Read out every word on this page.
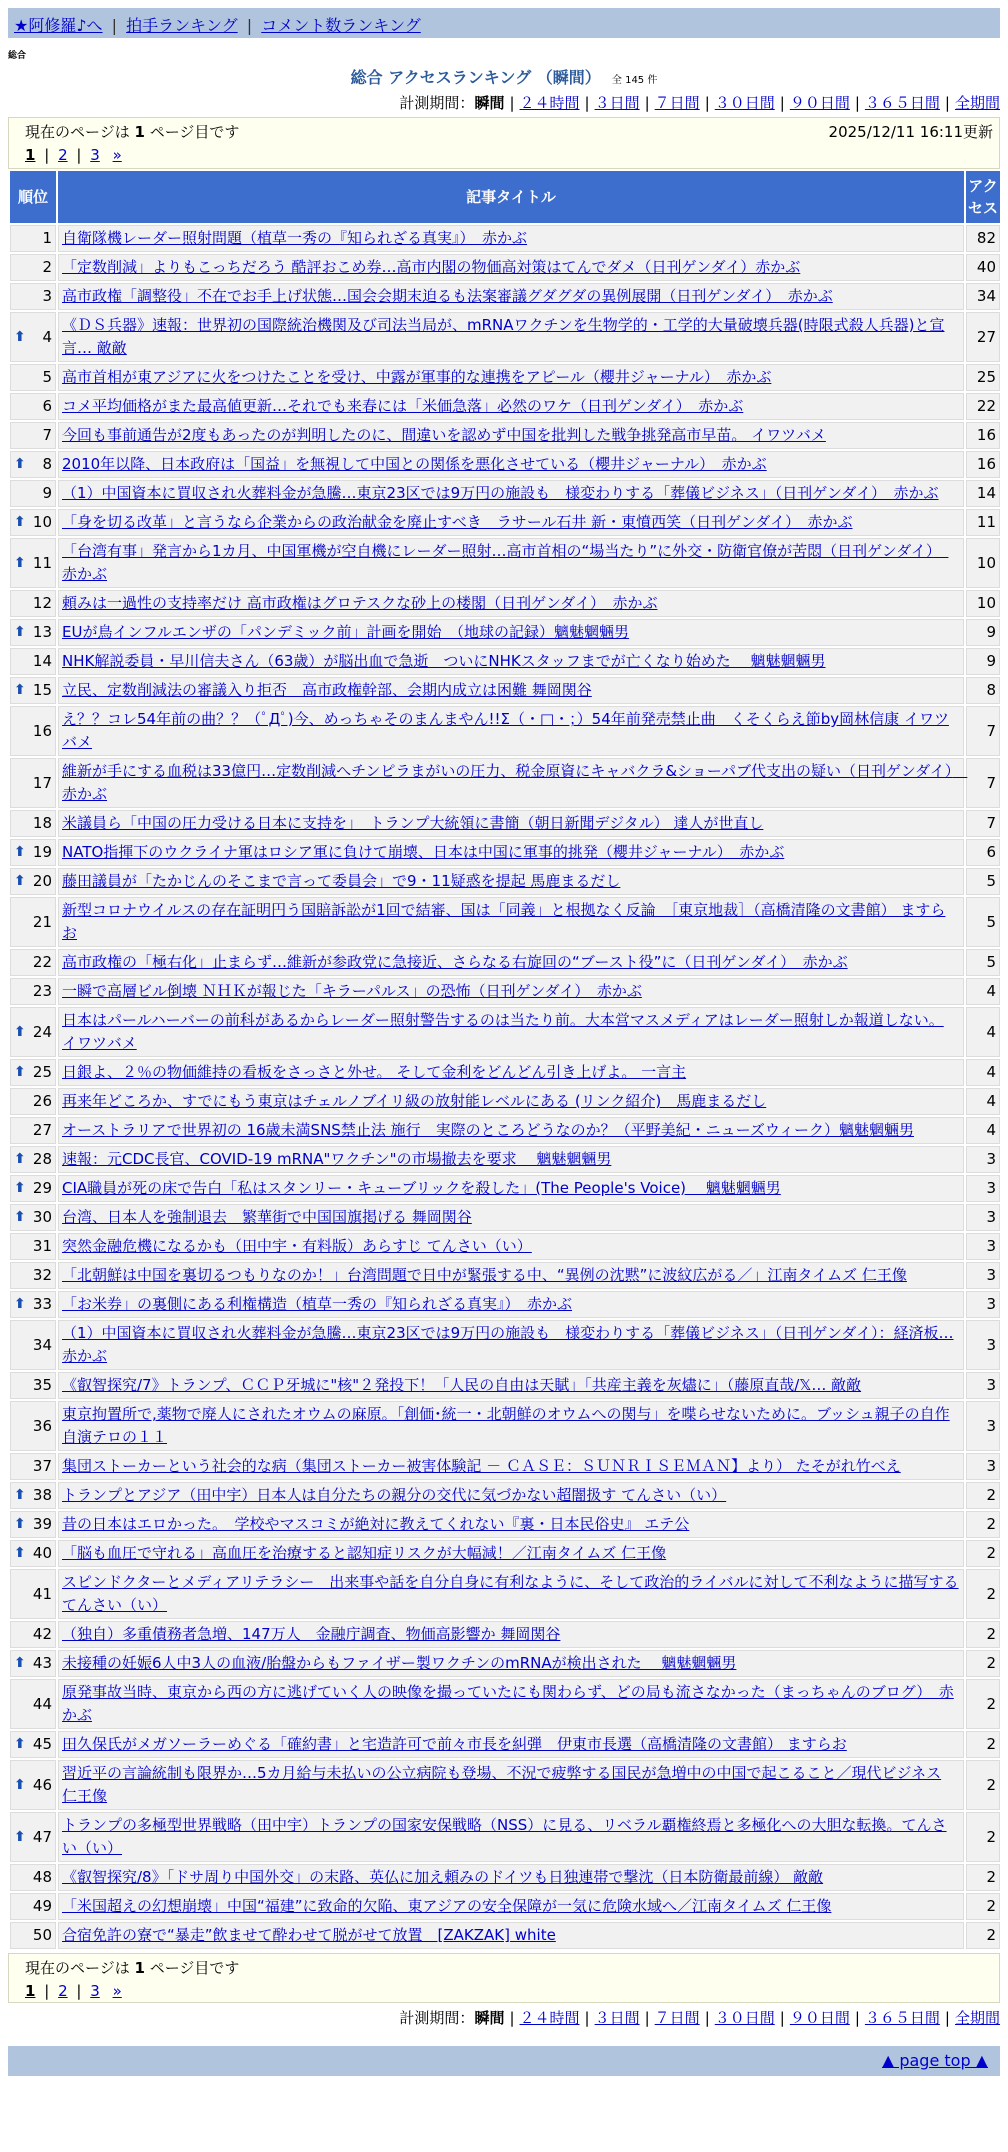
★阿修羅♪へ | 拍手ランキング | コメント数ランキング
総合
総合 アクセスランキング （瞬間） 全 145 件
計測期間：瞬間 | ２４時間 | ３日間 | ７日間 | ３０日間 | ９０日間 | ３６５日間 | 全期間
現在のページは 1 ページ目です	2025/12/11 16:11更新
1 | 2 | 3 »
順位	記事タイトル	アクセス
1	自衛隊機レーダー照射問題（植草一秀の『知られざる真実』）　赤かぶ	82
2	「定数削減」よりもこっちだろう 酷評おこめ券…高市内閣の物価高対策はてんでダメ（日刊ゲンダイ）赤かぶ	40
3	高市政権「調整役」不在でお手上げ状態…国会会期末迫るも法案審議グダグダの異例展開（日刊ゲンダイ）　赤かぶ	34

⬆ 4	《ＤＳ兵器》速報：世界初の国際統治機関及び司法当局が、mRNAワクチンを生物学的・工学的大量破壊兵器(時限式殺人兵器)と宣言… 敵敵	27
5	高市首相が東アジアに火をつけたことを受け、中露が軍事的な連携をアピール（櫻井ジャーナル）　赤かぶ	25
6	コメ平均価格がまた最高値更新…それでも来春には「米価急落」必然のワケ（日刊ゲンダイ）　赤かぶ	22
7	今回も事前通告が2度もあったのが判明したのに、間違いを認めず中国を批判した戦争挑発高市早苗。 イワツバメ	16

⬆ 8	2010年以降、日本政府は「国益」を無視して中国との関係を悪化させている（櫻井ジャーナル）　赤かぶ	16
9	（1）中国資本に買収され火葬料金が急騰…東京23区では9万円の施設も　様変わりする「葬儀ビジネス」（日刊ゲンダイ）　赤かぶ	14

⬆ 10	「身を切る改革」と言うなら企業からの政治献金を廃止すべき　ラサール石井 新・東憤西笑（日刊ゲンダイ）　赤かぶ	11

⬆ 11	「台湾有事」発言から1カ月、中国軍機が空自機にレーダー照射…高市首相の“場当たり”に外交・防衛官僚が苦悶（日刊ゲンダイ）　赤かぶ	10
12	頼みは一過性の支持率だけ 高市政権はグロテスクな砂上の楼閣（日刊ゲンダイ）　赤かぶ	10

⬆ 13	EUが鳥インフルエンザの「パンデミック前」計画を開始　（地球の記録）魑魅魍魎男	9
14	NHK解説委員・早川信夫さん（63歳）が脳出血で急逝　ついにNHKスタッフまでが亡くなり始めた　 魑魅魍魎男	9

⬆ 15	立民、定数削減法の審議入り拒否　高市政権幹部、会期内成立は困難 舞岡関谷	8
16	え？？コレ54年前の曲？？（ﾟДﾟ)今、めっちゃそのまんまやん!!Σ（・□・；）54年前発売禁止曲　くそくらえ節by岡林信康 イワツバメ	7
17	維新が手にする血税は33億円…定数削減へチンピラまがいの圧力、税金原資にキャバクラ&ショーパブ代支出の疑い（日刊ゲンダイ）　赤かぶ	7
18	米議員ら「中国の圧力受ける日本に支持を」　トランプ大統領に書簡（朝日新聞デジタル） 達人が世直し	7

⬆ 19	NATO指揮下のウクライナ軍はロシア軍に負けて崩壊、日本は中国に軍事的挑発（櫻井ジャーナル）　赤かぶ	6

⬆ 20	藤田議員が「たかじんのそこまで言って委員会」で9・11疑惑を提起 馬鹿まるだし	5
21	新型コロナウイルスの存在証明円う国賠訴訟が1回で結審、国は「同義」と根拠なく反論　［東京地裁］（高橋清隆の文書館） ますらお	5
22	高市政権の「極右化」止まらず…維新が参政党に急接近、さらなる右旋回の“ブースト役”に（日刊ゲンダイ）　赤かぶ	5
23	一瞬で高層ビル倒壊 ＮＨＫが報じた「キラーパルス」の恐怖（日刊ゲンダイ）　赤かぶ	4

⬆ 24	日本はパールハーバーの前科があるからレーダー照射警告するのは当たり前。大本営マスメディアはレーダー照射しか報道しない。 イワツバメ	4

⬆ 25	日銀よ、２％の物価維持の看板をさっさと外せ。 そして金利をどんどん引き上げよ。 一言主	4
26	再来年どころか、すでにもう東京はチェルノブイリ級の放射能レベルにある (リンク紹介)　馬鹿まるだし	4
27	オーストラリアで世界初の 16歳未満SNS禁止法 施行　実際のところどうなのか？（平野美紀・ニューズウィーク）魑魅魍魎男	4

⬆ 28	速報：元CDC長官、COVID-19 mRNA"ワクチン"の市場撤去を要求　 魑魅魍魎男	3

⬆ 29	CIA職員が死の床で告白「私はスタンリー・キューブリックを殺した」(The People's Voice)　 魑魅魍魎男	3

⬆ 30	台湾、日本人を強制退去　繁華街で中国国旗掲げる 舞岡関谷	3
31	突然金融危機になるかも（田中宇・有料版）あらすじ てんさい（い）	3
32	「北朝鮮は中国を裏切るつもりなのか！」台湾問題で日中が緊張する中、“異例の沈黙”に波紋広がる／」江南タイムズ 仁王像	3

⬆ 33	「お米券」の裏側にある利権構造（植草一秀の『知られざる真実』）　赤かぶ	3
34	（1）中国資本に買収され火葬料金が急騰…東京23区では9万円の施設も　様変わりする「葬儀ビジネス」（日刊ゲンダイ）：経済板…赤かぶ	3
35	《叡智探究/7》トランプ、ＣＣＰ牙城に"核"２発投下！「人民の自由は天賦」「共産主義を灰燼に」（藤原直哉/𝕏… 敵敵	3
36	東京拘置所で,薬物で廃人にされたオウムの麻原。「創価･統一・北朝鮮のオウムへの関与」を喋らせないために。ブッシュ親子の自作自演テロの１１	3
37	集団ストーカーという社会的な病（集団ストーカー被害体験記 － ＣＡＳＥ：ＳＵＮＲＩＳＥＭＡＮ】より） たそがれ竹べえ	3

⬆ 38	トランプとアジア（田中宇）日本人は自分たちの親分の交代に気づかない超闇扱す てんさい（い）	2

⬆ 39	昔の日本はエロかった。　学校やマスコミが絶対に教えてくれない『裏・日本民俗史』 エテ公	2

⬆ 40	「脳も血圧で守れる」高血圧を治療すると認知症リスクが大幅減！／江南タイムズ 仁王像	2
41	スピンドクターとメディアリテラシー　出来事や話を自分自身に有利なように、そして政治的ライバルに対して不利なように描写する てんさい（い）	2
42	（独自）多重債務者急増、147万人　金融庁調査、物価高影響か 舞岡関谷	2

⬆ 43	未接種の妊娠6人中3人の血液/胎盤からもファイザー製ワクチンのmRNAが検出された　 魑魅魍魎男	2
44	原発事故当時、東京から西の方に逃げていく人の映像を撮っていたにも関わらず、どの局も流さなかった（まっちゃんのブログ）　赤かぶ	2

⬆ 45	田久保氏がメガソーラーめぐる「確約書」と宅造許可で前々市長を糾弾　伊東市長選（高橋清隆の文書館） ますらお	2

⬆ 46	習近平の言論統制も限界か…5カ月給与未払いの公立病院も登場、不況で疲弊する国民が急増中の中国で起こること／現代ビジネス 仁王像	2

⬆ 47	トランプの多極型世界戦略（田中宇）トランプの国家安保戦略（NSS）に見る、リベラル覇権終焉と多極化への大胆な転換。てんさい（い）	2
48	《叡智探究/8》「ドサ周り中国外交」の末路、英仏に加え頼みのドイツも日独連帯で撃沈（日本防衛最前線） 敵敵	2
49	「米国超えの幻想崩壊」中国“福建”に致命的欠陥、東アジアの安全保障が一気に危険水域へ／江南タイムズ 仁王像	2
50	合宿免許の寮で“暴走”飲ませて酔わせて脱がせて放置　[ZAKZAK] white	2
現在のページは 1 ページ目です
1 | 2 | 3 »
計測期間：瞬間 | ２４時間 | ３日間 | ７日間 | ３０日間 | ９０日間 | ３６５日間 | 全期間
▲ page top ▲
